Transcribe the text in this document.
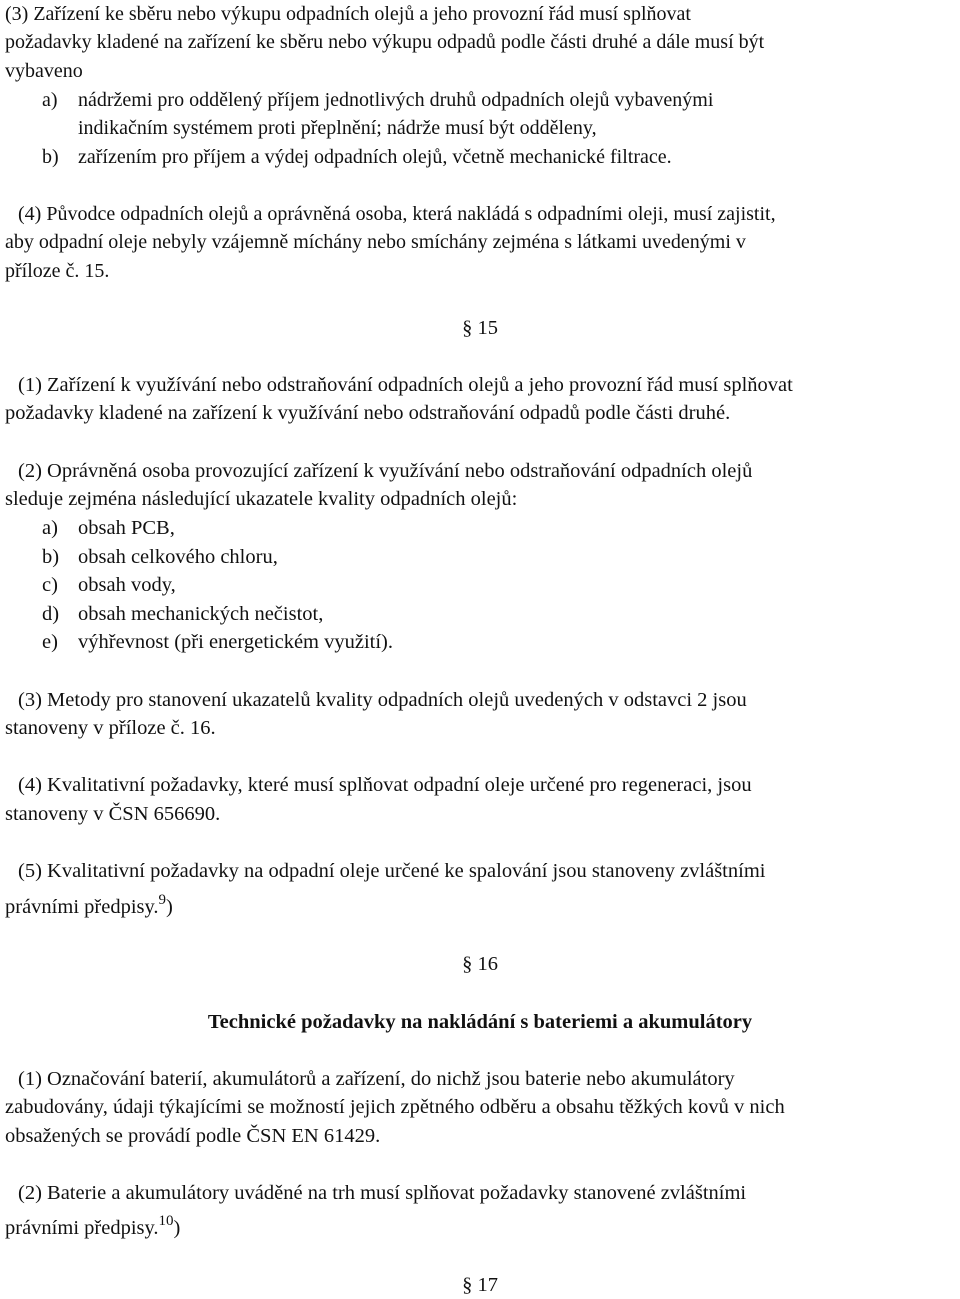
(3) Zařízení ke sběru nebo výkupu odpadních olejů a jeho provozní řád musí splňovat
požadavky kladené na zařízení ke sběru nebo výkupu odpadů podle části druhé a dále musí být
vybaveno
a) nádržemi pro oddělený příjem jednotlivých druhů odpadních olejů vybavenými
indikačním systémem proti přeplnění; nádrže musí být odděleny,
b) zařízením pro příjem a výdej odpadních olejů, včetně mechanické filtrace.
(4) Původce odpadních olejů a oprávněná osoba, která nakládá s odpadními oleji, musí zajistit,
aby odpadní oleje nebyly vzájemně míchány nebo smíchány zejména s látkami uvedenými v
příloze č. 15.
§ 15
(1) Zařízení k využívání nebo odstraňování odpadních olejů a jeho provozní řád musí splňovat
požadavky kladené na zařízení k využívání nebo odstraňování odpadů podle části druhé.
(2) Oprávněná osoba provozující zařízení k využívání nebo odstraňování odpadních olejů
sleduje zejména následující ukazatele kvality odpadních olejů:
a) obsah PCB,
b) obsah celkového chloru,
c) obsah vody,
d) obsah mechanických nečistot,
e) výhřevnost (při energetickém využití).
(3) Metody pro stanovení ukazatelů kvality odpadních olejů uvedených v odstavci 2 jsou
stanoveny v příloze č. 16.
(4) Kvalitativní požadavky, které musí splňovat odpadní oleje určené pro regeneraci, jsou
stanoveny v ČSN 656690.
(5) Kvalitativní požadavky na odpadní oleje určené ke spalování jsou stanoveny zvláštními
právními předpisy.$^9$)
§ 16
Technické požadavky na nakládání s bateriemi a akumulátory
(1) Označování baterií, akumulátorů a zařízení, do nichž jsou baterie nebo akumulátory
zabudovány, údaji týkajícími se možností jejich zpětného odběru a obsahu těžkých kovů v nich
obsažených se provádí podle ČSN EN 61429.
(2) Baterie a akumulátory uváděné na trh musí splňovat požadavky stanovené zvláštními
právními předpisy.$^{10}$)
§ 17
